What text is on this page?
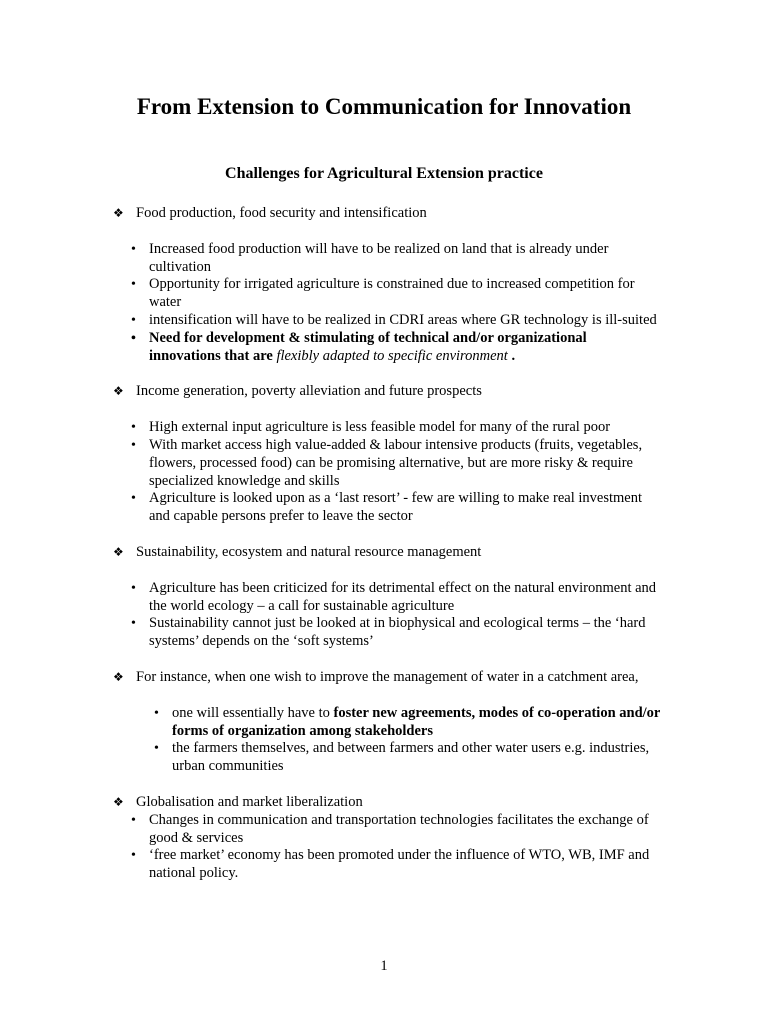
From Extension to Communication for Innovation
Challenges for Agricultural Extension practice
❖ Food production, food security and intensification
• Increased food production will have to be realized on land that is already under cultivation
• Opportunity for irrigated agriculture is constrained due to increased competition for water
• intensification will have to be realized in CDRI areas where GR technology is ill-suited
• Need for development & stimulating of technical and/or organizational innovations that are flexibly adapted to specific environment .
❖ Income generation, poverty alleviation and future prospects
• High external input agriculture is less feasible model for many of the rural poor
• With market access high value-added & labour intensive products (fruits, vegetables, flowers, processed food) can be promising alternative, but are more risky & require specialized knowledge and skills
• Agriculture is looked upon as a ‘last resort’ - few are willing to make real investment and capable persons prefer to leave the sector
❖ Sustainability, ecosystem and natural resource management
• Agriculture has been criticized for its detrimental effect on the natural environment and the world ecology – a call for sustainable agriculture
• Sustainability cannot just be looked at in biophysical and ecological terms – the ‘hard systems’ depends on the ‘soft systems’
❖ For instance, when one wish to improve the management of water in a catchment area,
• one will essentially have to foster new agreements, modes of co-operation and/or forms of organization among stakeholders
• the farmers themselves, and between farmers and other water users e.g. industries, urban communities
❖ Globalisation and market liberalization
• Changes in communication and transportation technologies facilitates the exchange of good & services
• ‘free market’ economy has been promoted under the influence of WTO, WB, IMF and national policy.
1
